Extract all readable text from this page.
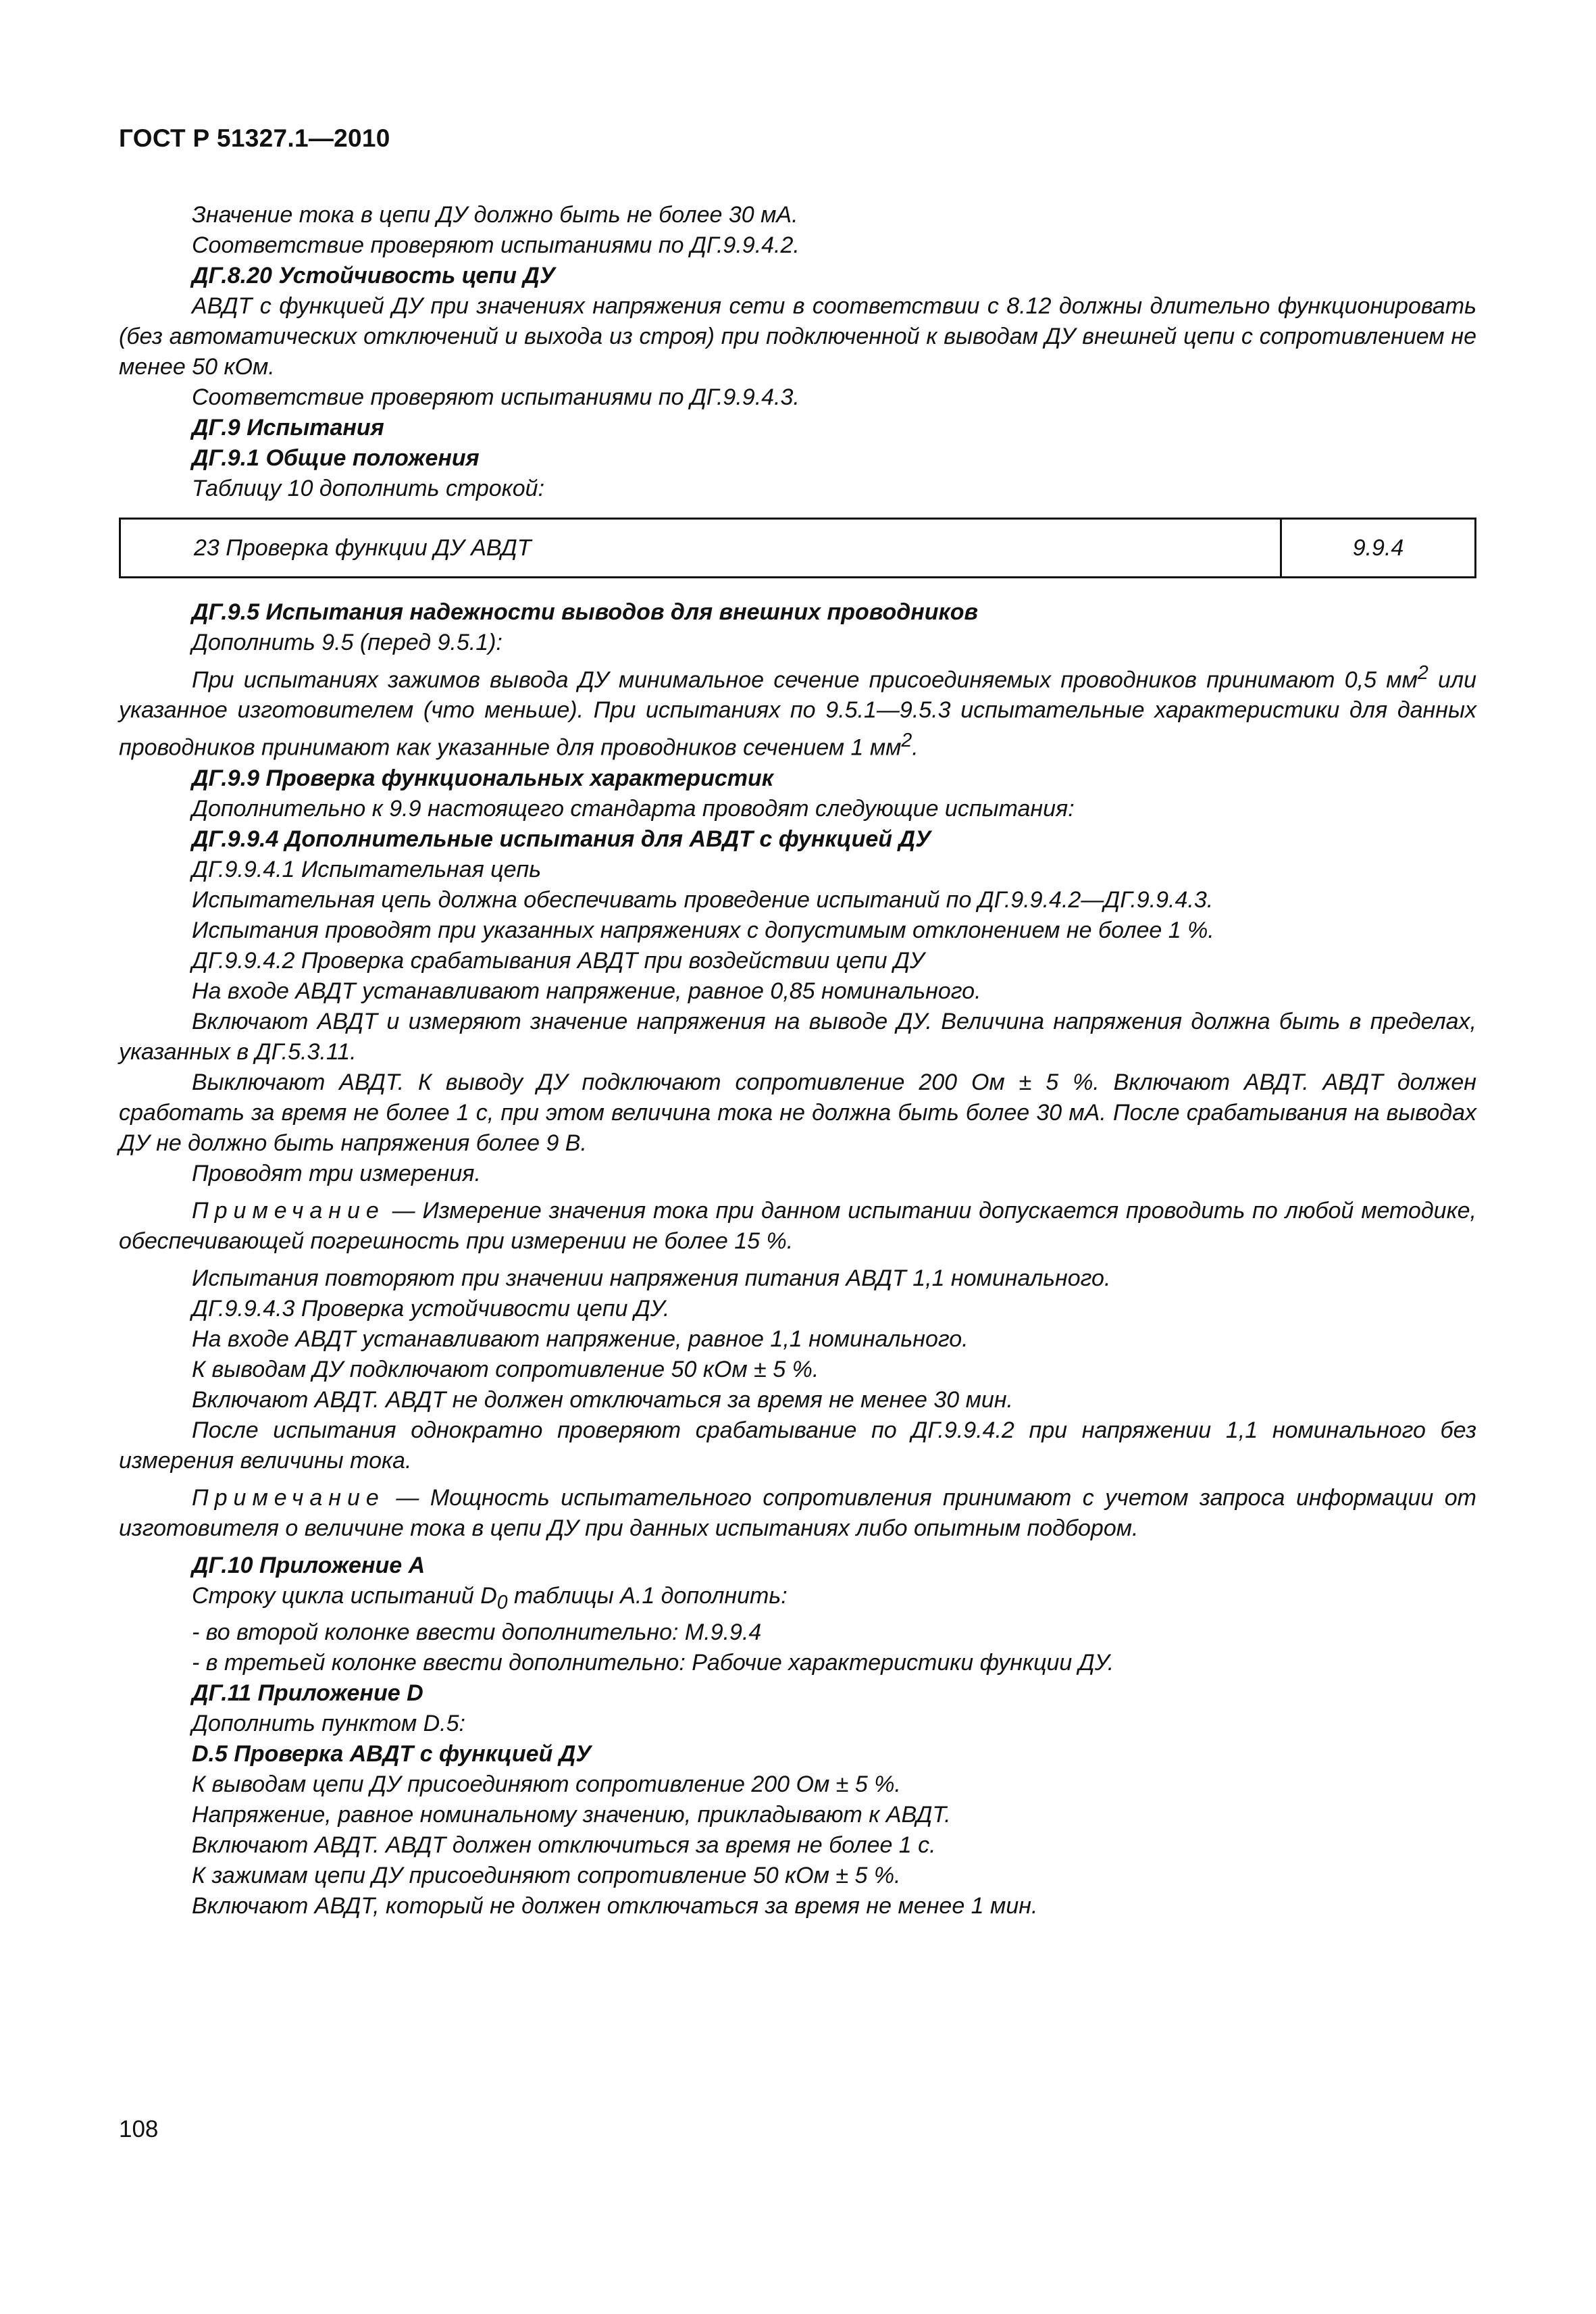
ГОСТ Р 51327.1—2010

Значение тока в цепи ДУ должно быть не более 30 мА.

Соответствие проверяют испытаниями по ДГ.9.9.4.2.

ДГ.8.20 Устойчивость цепи ДУ

АВДТ с функцией ДУ при значениях напряжения сети в соответствии с 8.12 должны длительно функционировать (без автоматических отключений и выхода из строя) при подключенной к выводам ДУ внешней цепи с сопротивлением не менее 50 кОм.

Соответствие проверяют испытаниями по ДГ.9.9.4.3.

ДГ.9 Испытания

ДГ.9.1 Общие положения

Таблицу 10 дополнить строкой:

23 Проверка функции ДУ АВДТ	9.9.4

ДГ.9.5 Испытания надежности выводов для внешних проводников

Дополнить 9.5 (перед 9.5.1):

При испытаниях зажимов вывода ДУ минимальное сечение присоединяемых проводников принимают 0,5 $мм^2$ или указанное изготовителем (что меньше). При испытаниях по 9.5.1—9.5.3 испытательные характеристики для данных проводников принимают как указанные для проводников сечением 1 $мм^2$.

ДГ.9.9 Проверка функциональных характеристик

Дополнительно к 9.9 настоящего стандарта проводят следующие испытания:

ДГ.9.9.4 Дополнительные испытания для АВДТ с функцией ДУ

ДГ.9.9.4.1 Испытательная цепь

Испытательная цепь должна обеспечивать проведение испытаний по ДГ.9.9.4.2—ДГ.9.9.4.3.

Испытания проводят при указанных напряжениях с допустимым отклонением не более 1 %.

ДГ.9.9.4.2 Проверка срабатывания АВДТ при воздействии цепи ДУ

На входе АВДТ устанавливают напряжение, равное 0,85 номинального.

Включают АВДТ и измеряют значение напряжения на выводе ДУ. Величина напряжения должна быть в пределах, указанных в ДГ.5.3.11.

Выключают АВДТ. К выводу ДУ подключают сопротивление 200 Ом ± 5 %. Включают АВДТ. АВДТ должен сработать за время не более 1 с, при этом величина тока не должна быть более 30 мА. После срабатывания на выводах ДУ не должно быть напряжения более 9 В.

Проводят три измерения.

Примечание — Измерение значения тока при данном испытании допускается проводить по любой методике, обеспечивающей погрешность при измерении не более 15 %.

Испытания повторяют при значении напряжения питания АВДТ 1,1 номинального.

ДГ.9.9.4.3 Проверка устойчивости цепи ДУ.

На входе АВДТ устанавливают напряжение, равное 1,1 номинального.

К выводам ДУ подключают сопротивление 50 кОм ± 5 %.

Включают АВДТ. АВДТ не должен отключаться за время не менее 30 мин.

После испытания однократно проверяют срабатывание по ДГ.9.9.4.2 при напряжении 1,1 номинального без измерения величины тока.

Примечание — Мощность испытательного сопротивления принимают с учетом запроса информации от изготовителя о величине тока в цепи ДУ при данных испытаниях либо опытным подбором.

ДГ.10 Приложение А

Строку цикла испытаний $D_0$ таблицы А.1 дополнить:

- во второй колонке ввести дополнительно: М.9.9.4

- в третьей колонке ввести дополнительно: Рабочие характеристики функции ДУ.

ДГ.11 Приложение D

Дополнить пунктом D.5:

D.5 Проверка АВДТ с функцией ДУ

К выводам цепи ДУ присоединяют сопротивление 200 Ом ± 5 %.

Напряжение, равное номинальному значению, прикладывают к АВДТ.

Включают АВДТ. АВДТ должен отключиться за время не более 1 с.

К зажимам цепи ДУ присоединяют сопротивление 50 кОм ± 5 %.

Включают АВДТ, который не должен отключаться за время не менее 1 мин.

108
